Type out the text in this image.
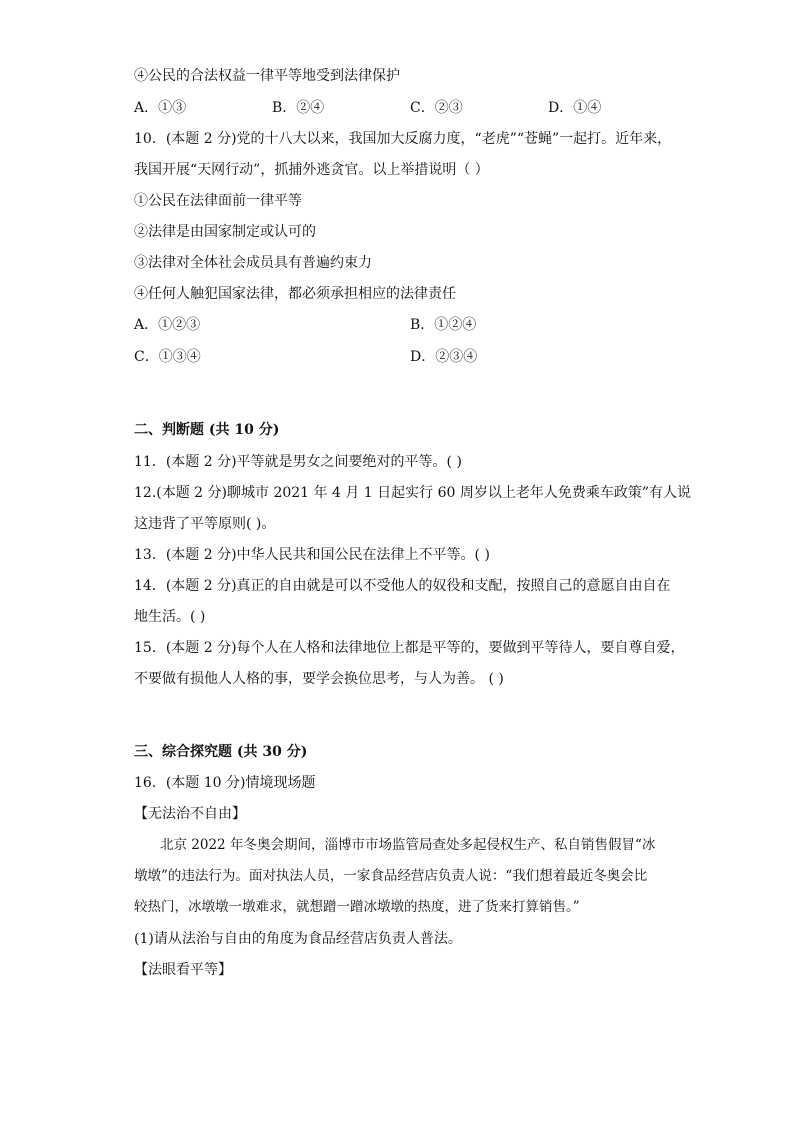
④公民的合法权益一律平等地受到法律保护
A．①③	B．②④	C．②③	D．①④
10．(本题 2 分)党的十八大以来，我国加大反腐力度，“老虎”“苍蝇”一起打。近年来，
我国开展“天网行动”，抓捕外逃贪官。以上举措说明（ ）
①公民在法律面前一律平等
②法律是由国家制定或认可的
③法律对全体社会成员具有普遍约束力
④任何人触犯国家法律，都必须承担相应的法律责任
A．①②③	B．①②④
C．①③④	D．②③④
二、判断题 (共 10 分)
11．(本题 2 分)平等就是男女之间要绝对的平等。( )
12.(本题 2 分)聊城市 2021 年 4 月 1 日起实行 60 周岁以上老年人免费乘车政策”有人说
这违背了平等原则( )。
13．(本题 2 分)中华人民共和国公民在法律上不平等。( )
14．(本题 2 分)真正的自由就是可以不受他人的奴役和支配，按照自己的意愿自由自在
地生活。( )
15．(本题 2 分)每个人在人格和法律地位上都是平等的，要做到平等待人，要自尊自爱，
不要做有损他人人格的事，要学会换位思考，与人为善。 ( )
三、综合探究题 (共 30 分)
16．(本题 10 分)情境现场题
【无法治不自由】
北京 2022 年冬奥会期间，淄博市市场监管局查处多起侵权生产、私自销售假冒“冰
墩墩”的违法行为。面对执法人员，一家食品经营店负责人说：“我们想着最近冬奥会比
较热门，冰墩墩一墩难求，就想蹭一蹭冰墩墩的热度，进了货来打算销售。”
(1)请从法治与自由的角度为食品经营店负责人普法。
【法眼看平等】
